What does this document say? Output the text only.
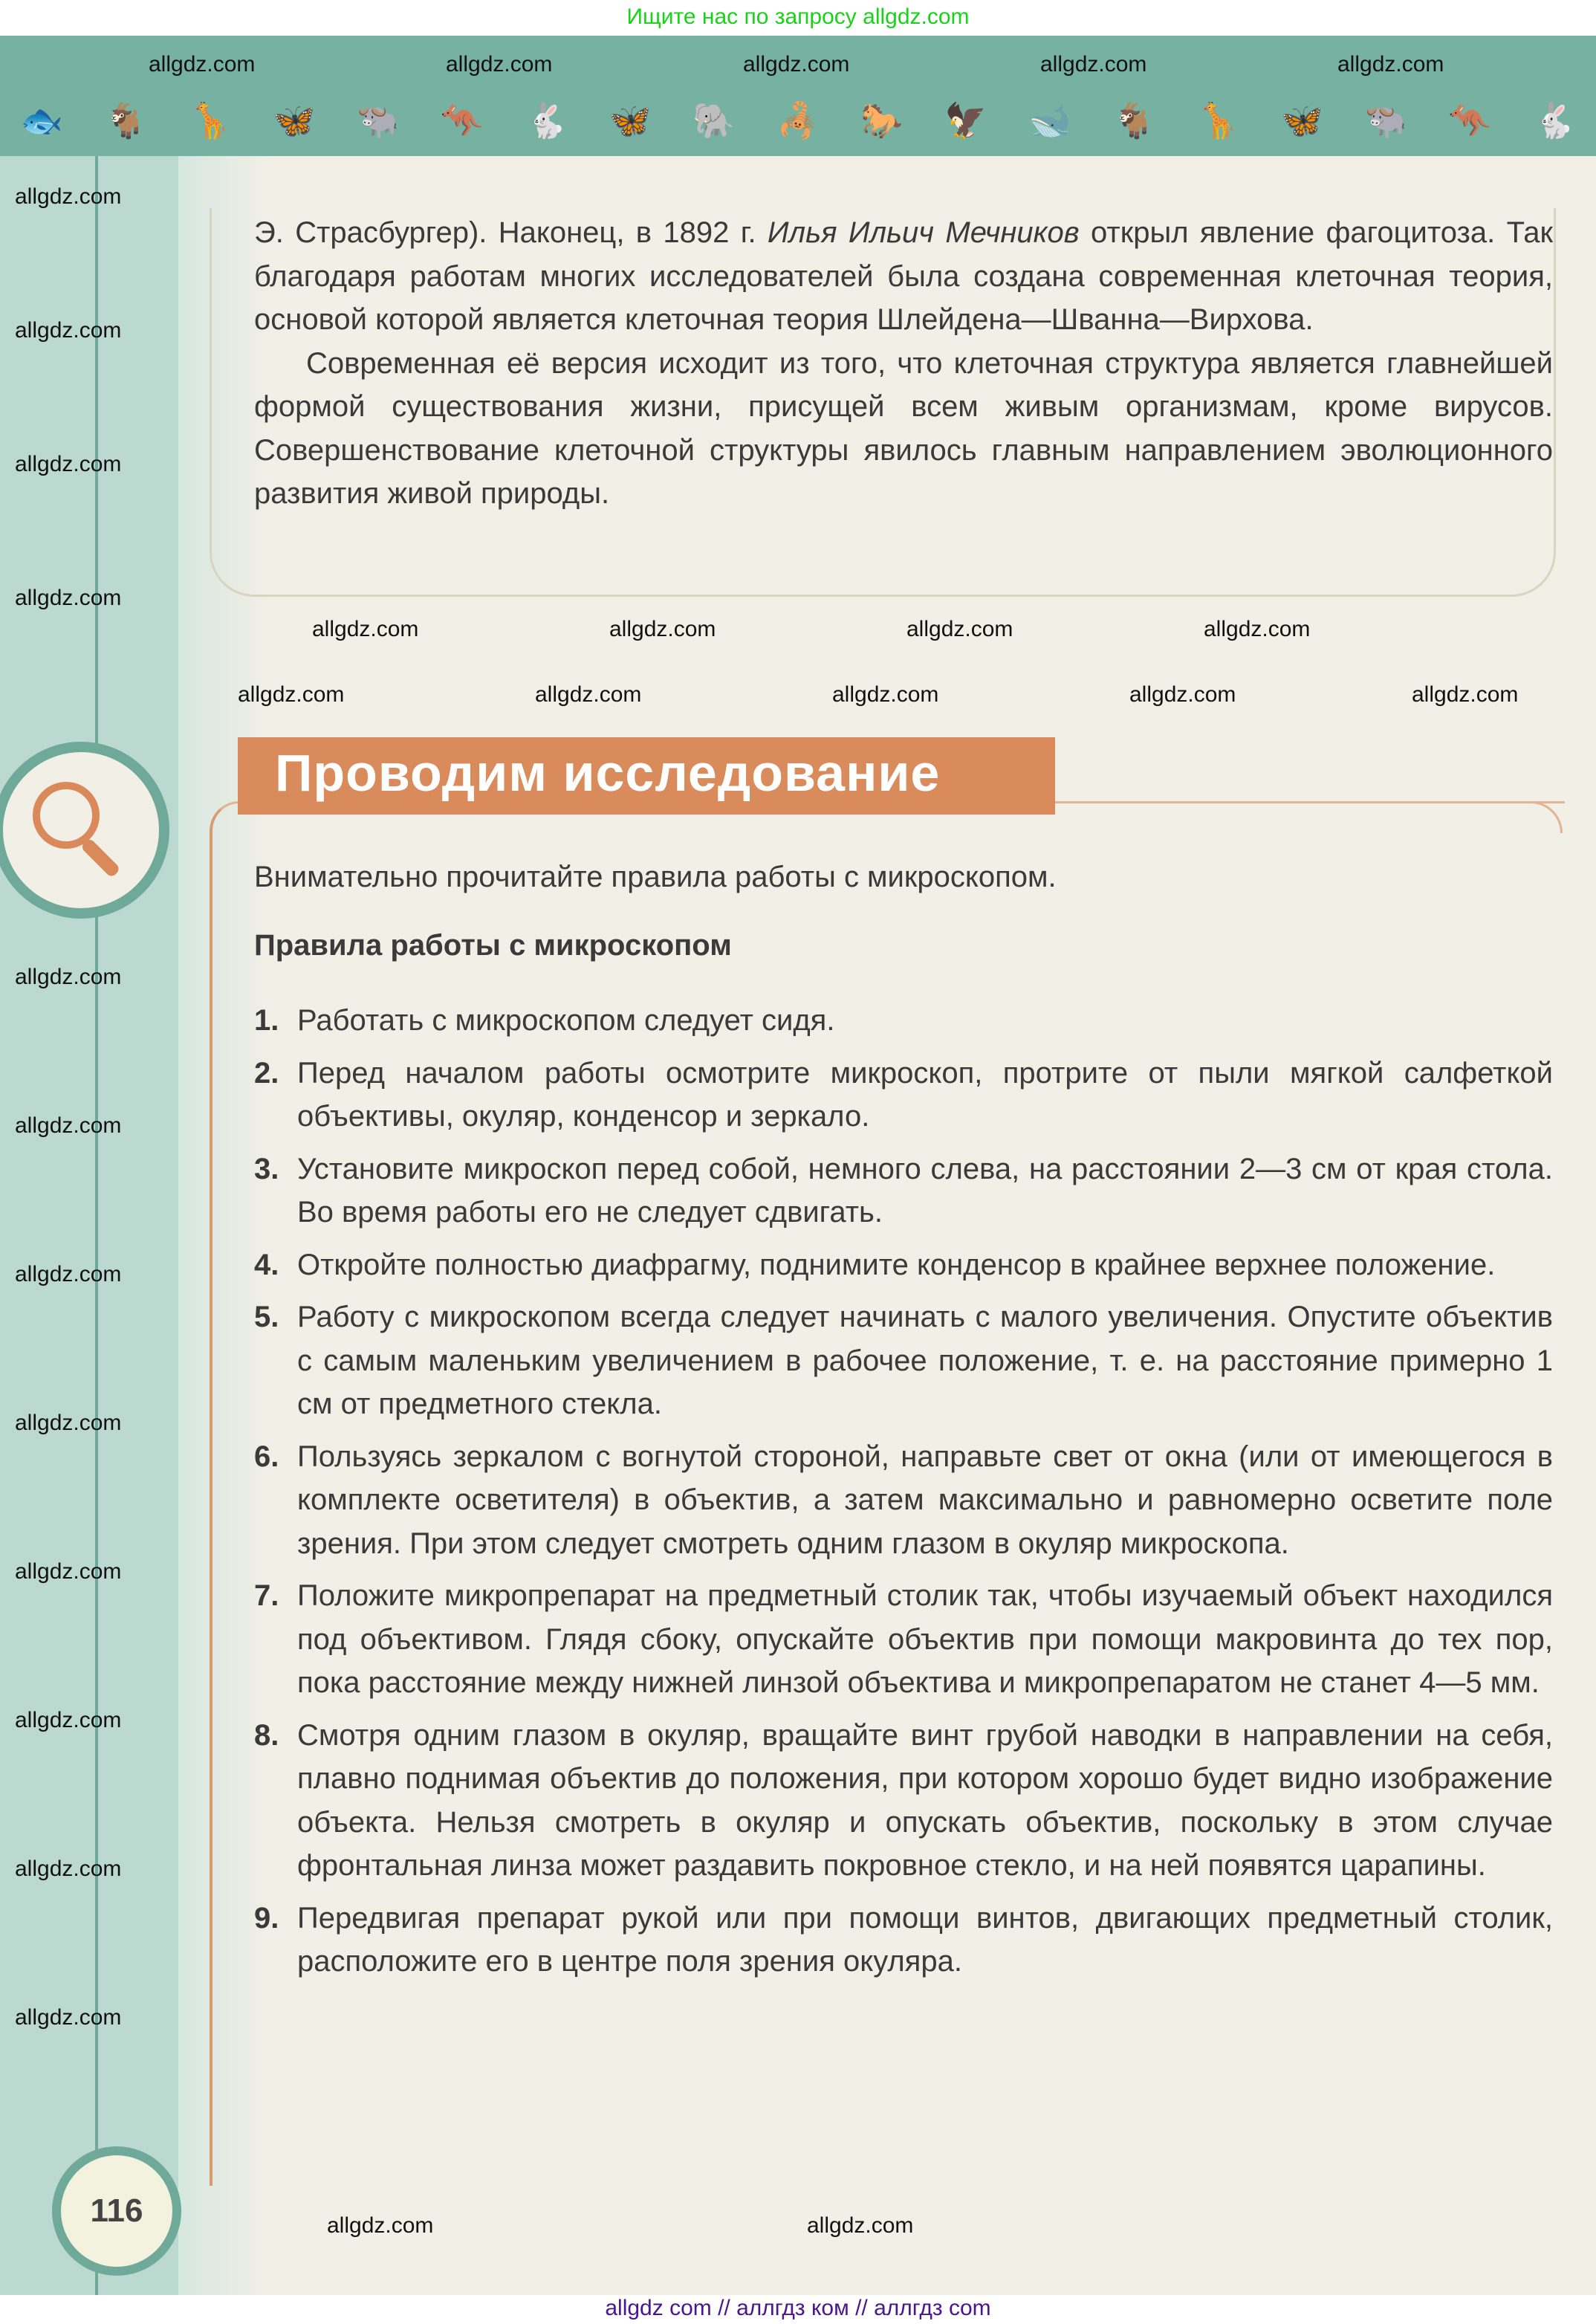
Ищите нас по запросу allgdz.com
🐟 🐐 🦒 🦋 🐃 🦘 🐇 🦋 🐘 🦂 🐎 🦅 🐋 🐐 🦒 🦋 🐃 🦘 🐇

Э. Страсбургер). Наконец, в 1892 г. Илья Ильич Мечников открыл явление фагоцитоза. Так благодаря работам многих исследователей была создана современная клеточная теория, основой которой является клеточная теория Шлейдена—Шванна—Вирхова.

Современная её версия исходит из того, что клеточная структура является главнейшей формой существования жизни, присущей всем живым организмам, кроме вирусов. Совершенствование клеточной структуры явилось главным направлением эволюционного развития живой природы.

Проводим исследование
Внимательно прочитайте правила работы с микроскопом.
Правила работы с микроскопом
1. Работать с микроскопом следует сидя.
2. Перед началом работы осмотрите микроскоп, протрите от пыли мягкой салфеткой объективы, окуляр, конденсор и зеркало.
3. Установите микроскоп перед собой, немного слева, на расстоянии 2—3 см от края стола. Во время работы его не следует сдвигать.
4. Откройте полностью диафрагму, поднимите конденсор в крайнее верхнее положение.
5. Работу с микроскопом всегда следует начинать с малого увеличения. Опустите объектив с самым маленьким увеличением в рабочее положение, т. е. на расстояние примерно 1 см от предметного стекла.
6. Пользуясь зеркалом с вогнутой стороной, направьте свет от окна (или от имеющегося в комплекте осветителя) в объектив, а затем максимально и равномерно осветите поле зрения. При этом следует смотреть одним глазом в окуляр микроскопа.
7. Положите микропрепарат на предметный столик так, чтобы изучаемый объект находился под объективом. Глядя сбоку, опускайте объектив при помощи макровинта до тех пор, пока расстояние между нижней линзой объектива и микропрепаратом не станет 4—5 мм.
8. Смотря одним глазом в окуляр, вращайте винт грубой наводки в направлении на себя, плавно поднимая объектив до положения, при котором хорошо будет видно изображение объекта. Нельзя смотреть в окуляр и опускать объектив, поскольку в этом случае фронтальная линза может раздавить покровное стекло, и на ней появятся царапины.
9. Передвигая препарат рукой или при помощи винтов, двигающих предметный столик, расположите его в центре поля зрения окуляра.
116
allgdz.com	allgdz.com	allgdz.com	allgdz.com	allgdz.com
allgdz.com	allgdz.com	allgdz.com	allgdz.com
allgdz.com	allgdz.com	allgdz.com	allgdz.com	allgdz.com
allgdz.com
allgdz.com
allgdz.com
allgdz.com
allgdz.com
allgdz.com
allgdz.com
allgdz.com
allgdz.com
allgdz.com
allgdz.com
allgdz.com
allgdz.com	allgdz.com
allgdz com // аллгдз ком // аллгдз com
